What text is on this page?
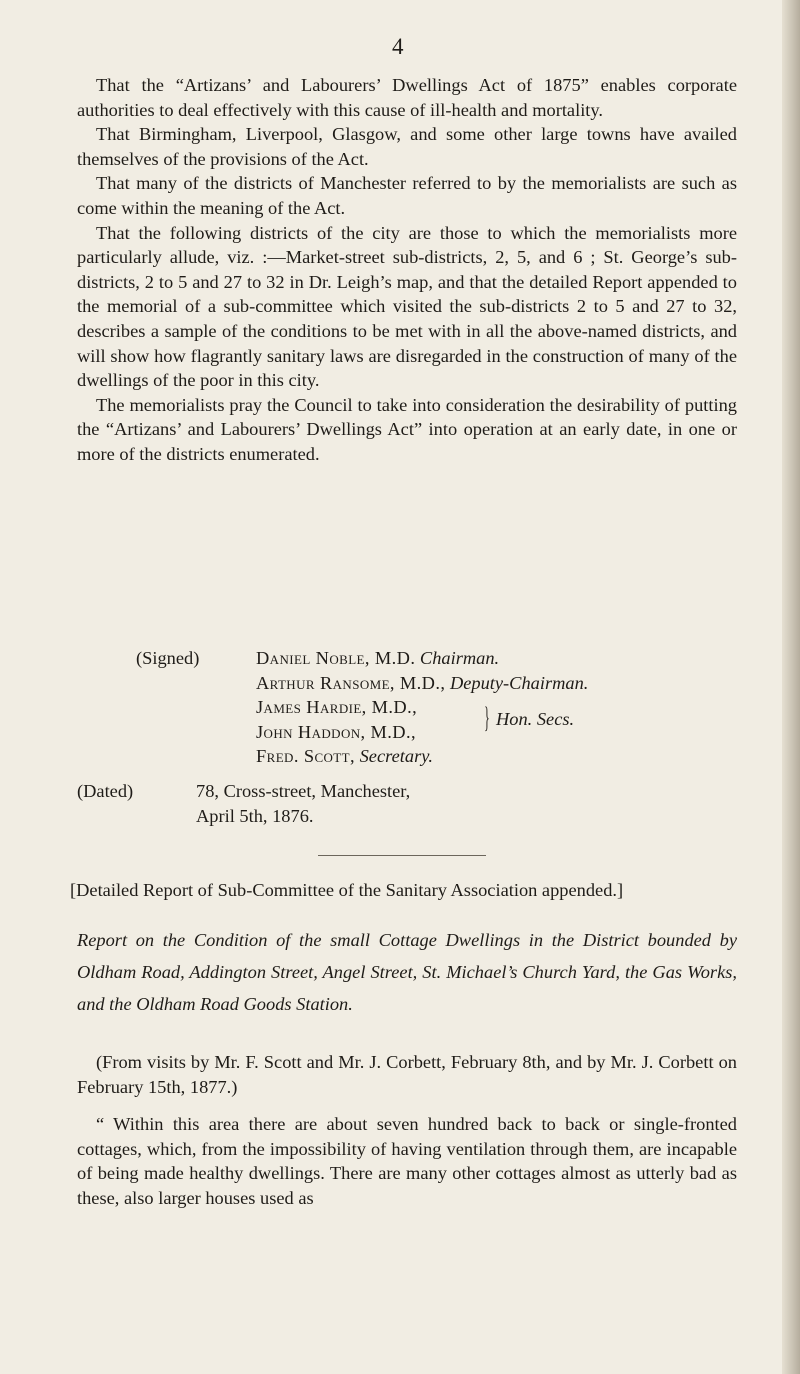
4

That the “Artizans’ and Labourers’ Dwellings Act of 1875” enables corporate authorities to deal effectively with this cause of ill-health and mortality.

That Birmingham, Liverpool, Glasgow, and some other large towns have availed themselves of the provisions of the Act.

That many of the districts of Manchester referred to by the memorialists are such as come within the meaning of the Act.

That the following districts of the city are those to which the memorialists more particularly allude, viz. :—Market-street sub-districts, 2, 5, and 6 ; St. George’s sub-districts, 2 to 5 and 27 to 32 in Dr. Leigh’s map, and that the detailed Report appended to the memorial of a sub-committee which visited the sub-districts 2 to 5 and 27 to 32, describes a sample of the conditions to be met with in all the above-named districts, and will show how flagrantly sanitary laws are disregarded in the construction of many of the dwellings of the poor in this city.

The memorialists pray the Council to take into consideration the desirability of putting the “Artizans’ and Labourers’ Dwellings Act” into operation at an early date, in one or more of the districts enumerated.

(Signed)	Daniel Noble, M.D. Chairman.
Arthur Ransome, M.D., Deputy-Chairman.
James Hardie, M.D.,
John Haddon, M.D., } Hon. Secs.
Fred. Scott, Secretary.
(Dated)	78, Cross-street, Manchester,
April 5th, 1876.
[Detailed Report of Sub-Committee of the Sanitary Association appended.]
Report on the Condition of the small Cottage Dwellings in the District bounded by Oldham Road, Addington Street, Angel Street, St. Michael’s Church Yard, the Gas Works, and the Oldham Road Goods Station.

(From visits by Mr. F. Scott and Mr. J. Corbett, February 8th, and by Mr. J. Corbett on February 15th, 1877.)

“ Within this area there are about seven hundred back to back or single-fronted cottages, which, from the impossibility of having ventilation through them, are incapable of being made healthy dwellings. There are many other cottages almost as utterly bad as these, also larger houses used as
